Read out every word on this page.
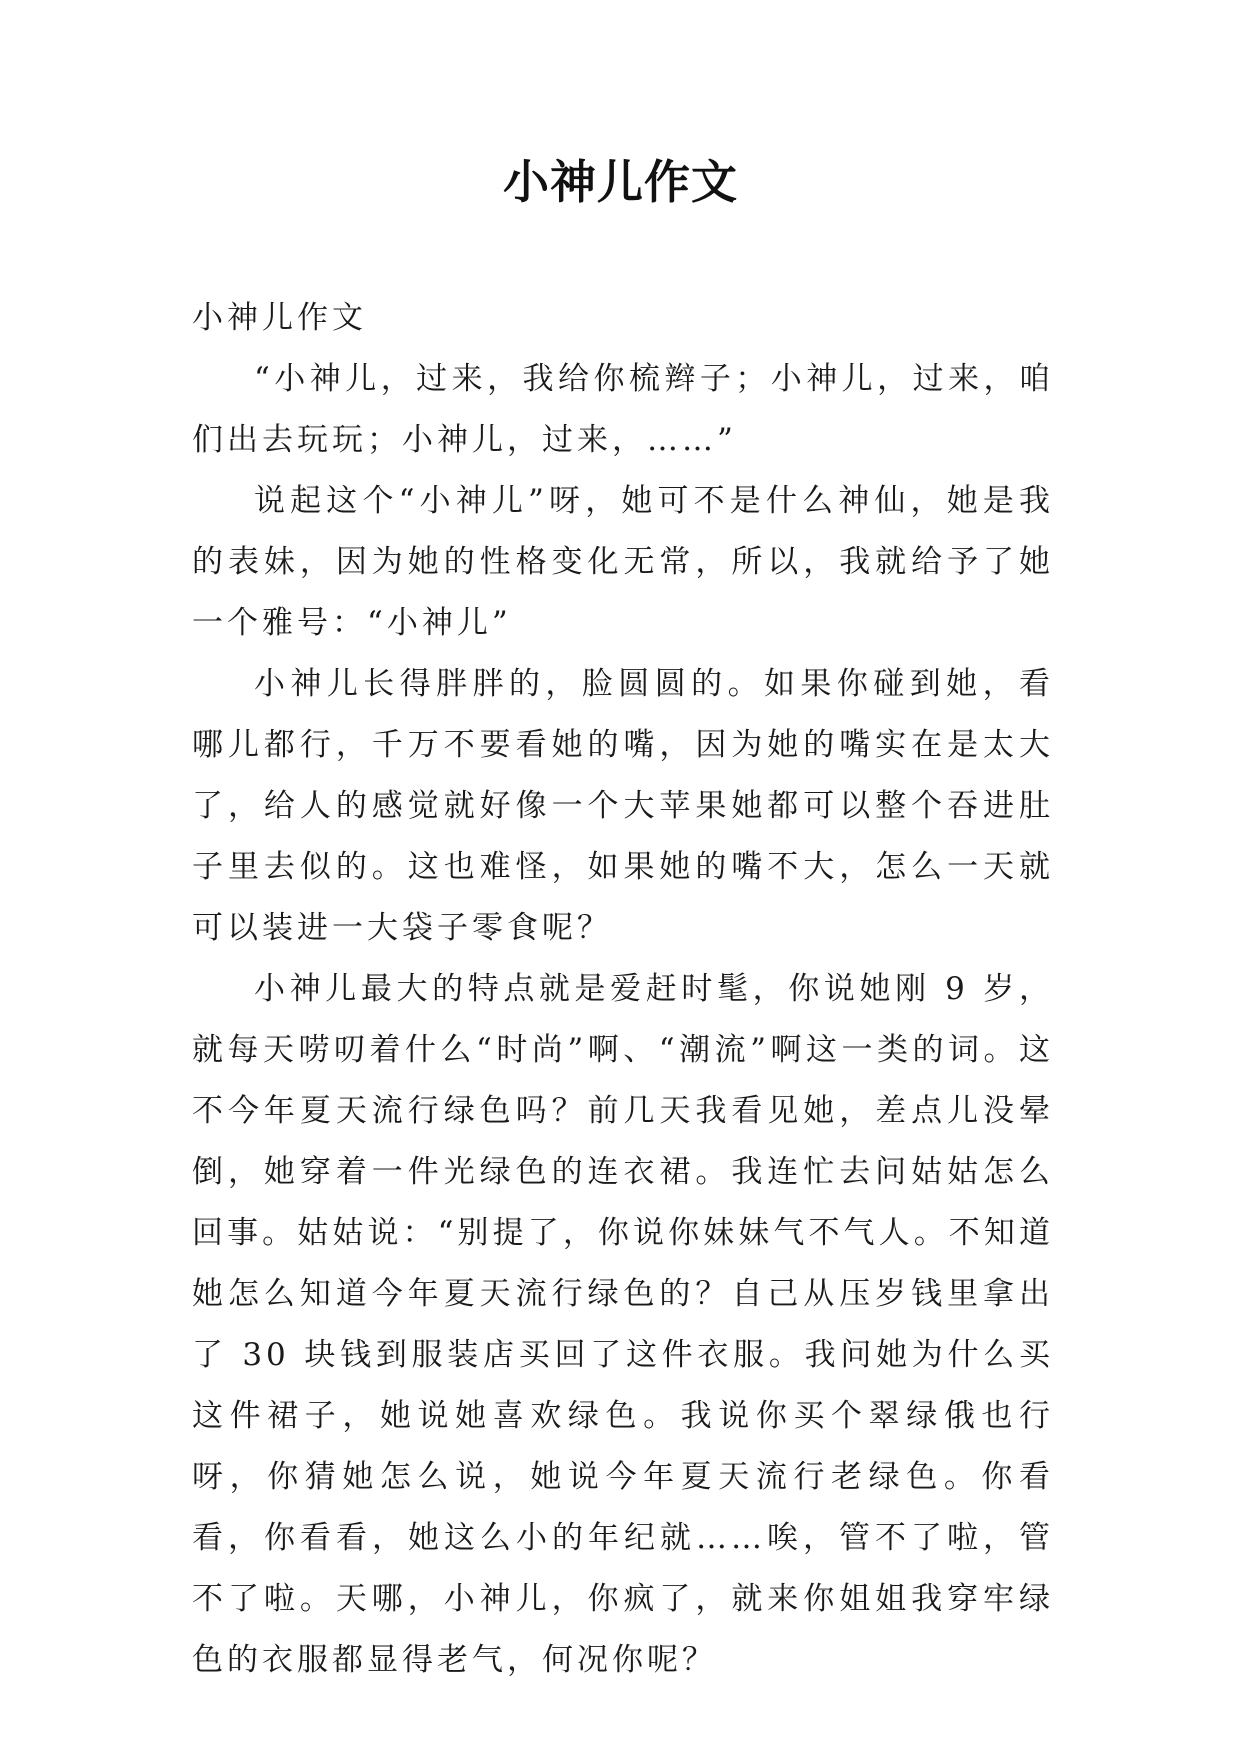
小神儿作文

小神儿作文

“小神儿，过来，我给你梳辫子；小神儿，过来，咱们出去玩玩；小神儿，过来，……”

说起这个“小神儿”呀，她可不是什么神仙，她是我的表妹，因为她的性格变化无常，所以，我就给予了她一个雅号：“小神儿”

小神儿长得胖胖的，脸圆圆的。如果你碰到她，看哪儿都行，千万不要看她的嘴，因为她的嘴实在是太大了，给人的感觉就好像一个大苹果她都可以整个吞进肚子里去似的。这也难怪，如果她的嘴不大，怎么一天就可以装进一大袋子零食呢？

小神儿最大的特点就是爱赶时髦，你说她刚 9 岁，就每天唠叨着什么“时尚”啊、“潮流”啊这一类的词。这不今年夏天流行绿色吗？前几天我看见她，差点儿没晕倒，她穿着一件光绿色的连衣裙。我连忙去问姑姑怎么回事。姑姑说：“别提了，你说你妹妹气不气人。不知道她怎么知道今年夏天流行绿色的？自己从压岁钱里拿出了 30 块钱到服装店买回了这件衣服。我问她为什么买这件裙子，她说她喜欢绿色。我说你买个翠绿俄也行呀，你猜她怎么说，她说今年夏天流行老绿色。你看看，你看看，她这么小的年纪就……唉，管不了啦，管不了啦。天哪，小神儿，你疯了，就来你姐姐我穿牢绿色的衣服都显得老气，何况你呢？
